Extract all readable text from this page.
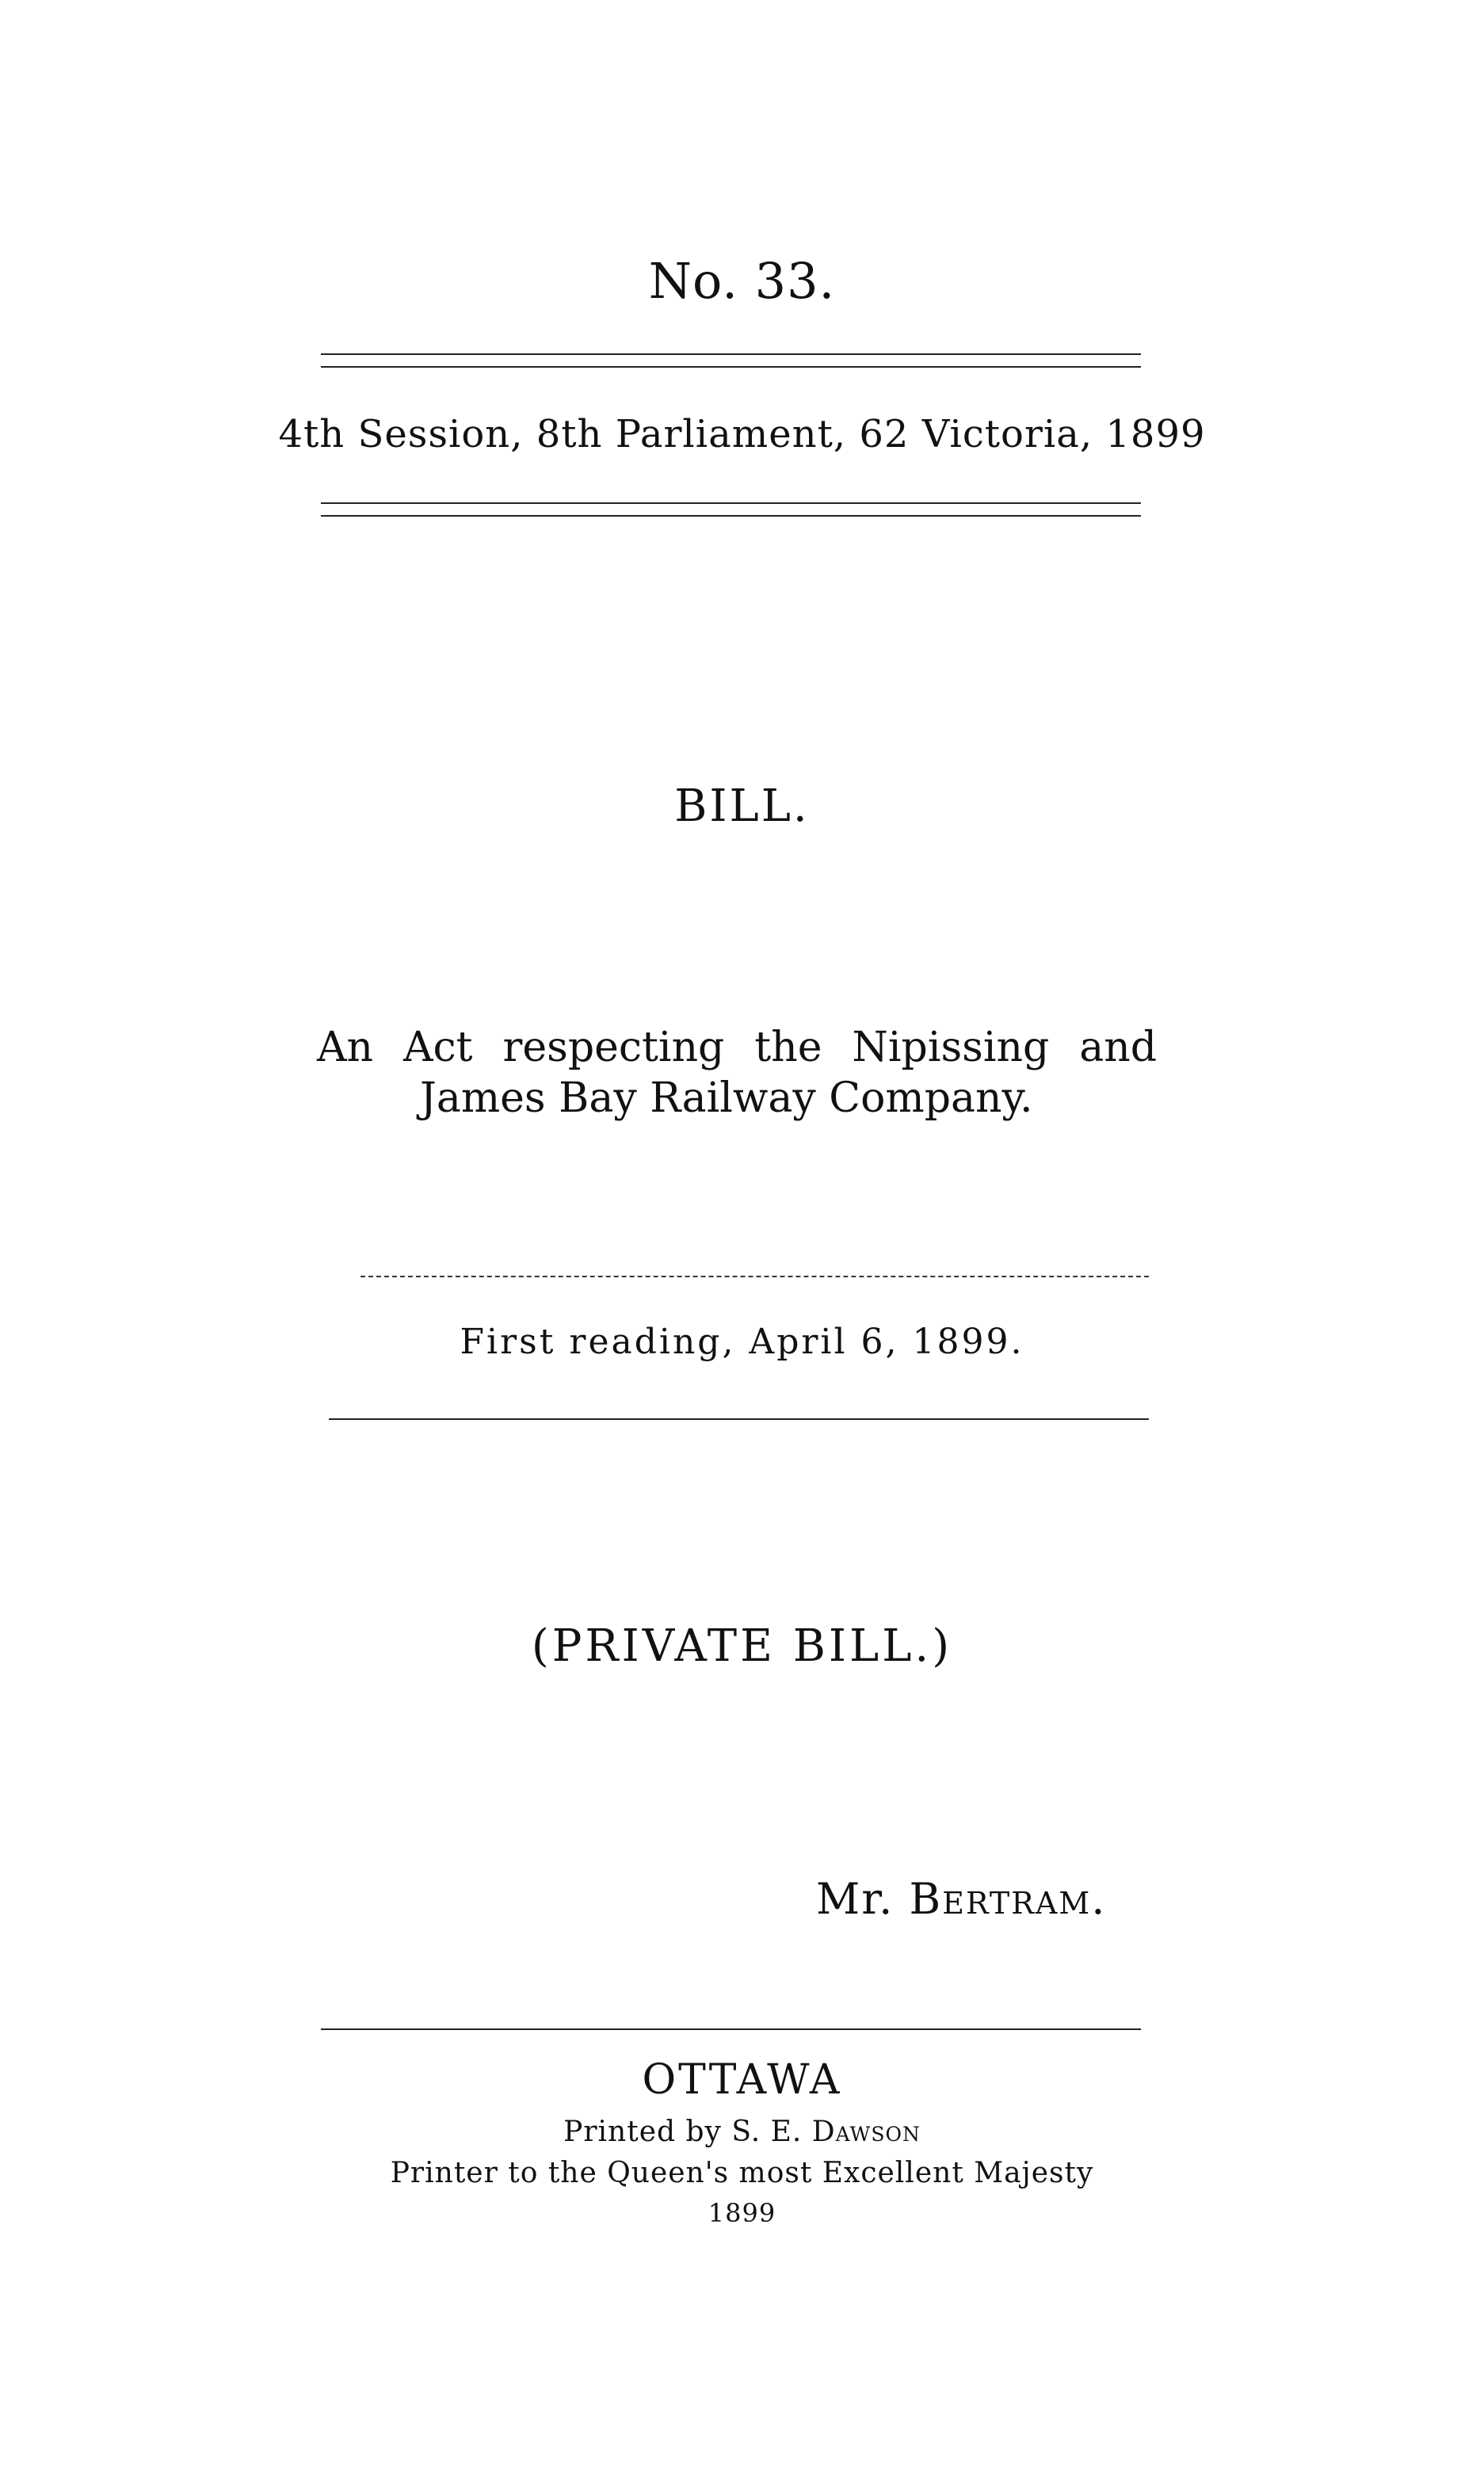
No. 33.
4th Session, 8th Parliament, 62 Victoria, 1899
BILL.
An Act respecting the Nipissing and
James Bay Railway Company.
First reading, April 6, 1899.
(PRIVATE BILL.)
Mr. Bertram.
OTTAWA
Printed by S. E. Dawson
Printer to the Queen's most Excellent Majesty
1899
